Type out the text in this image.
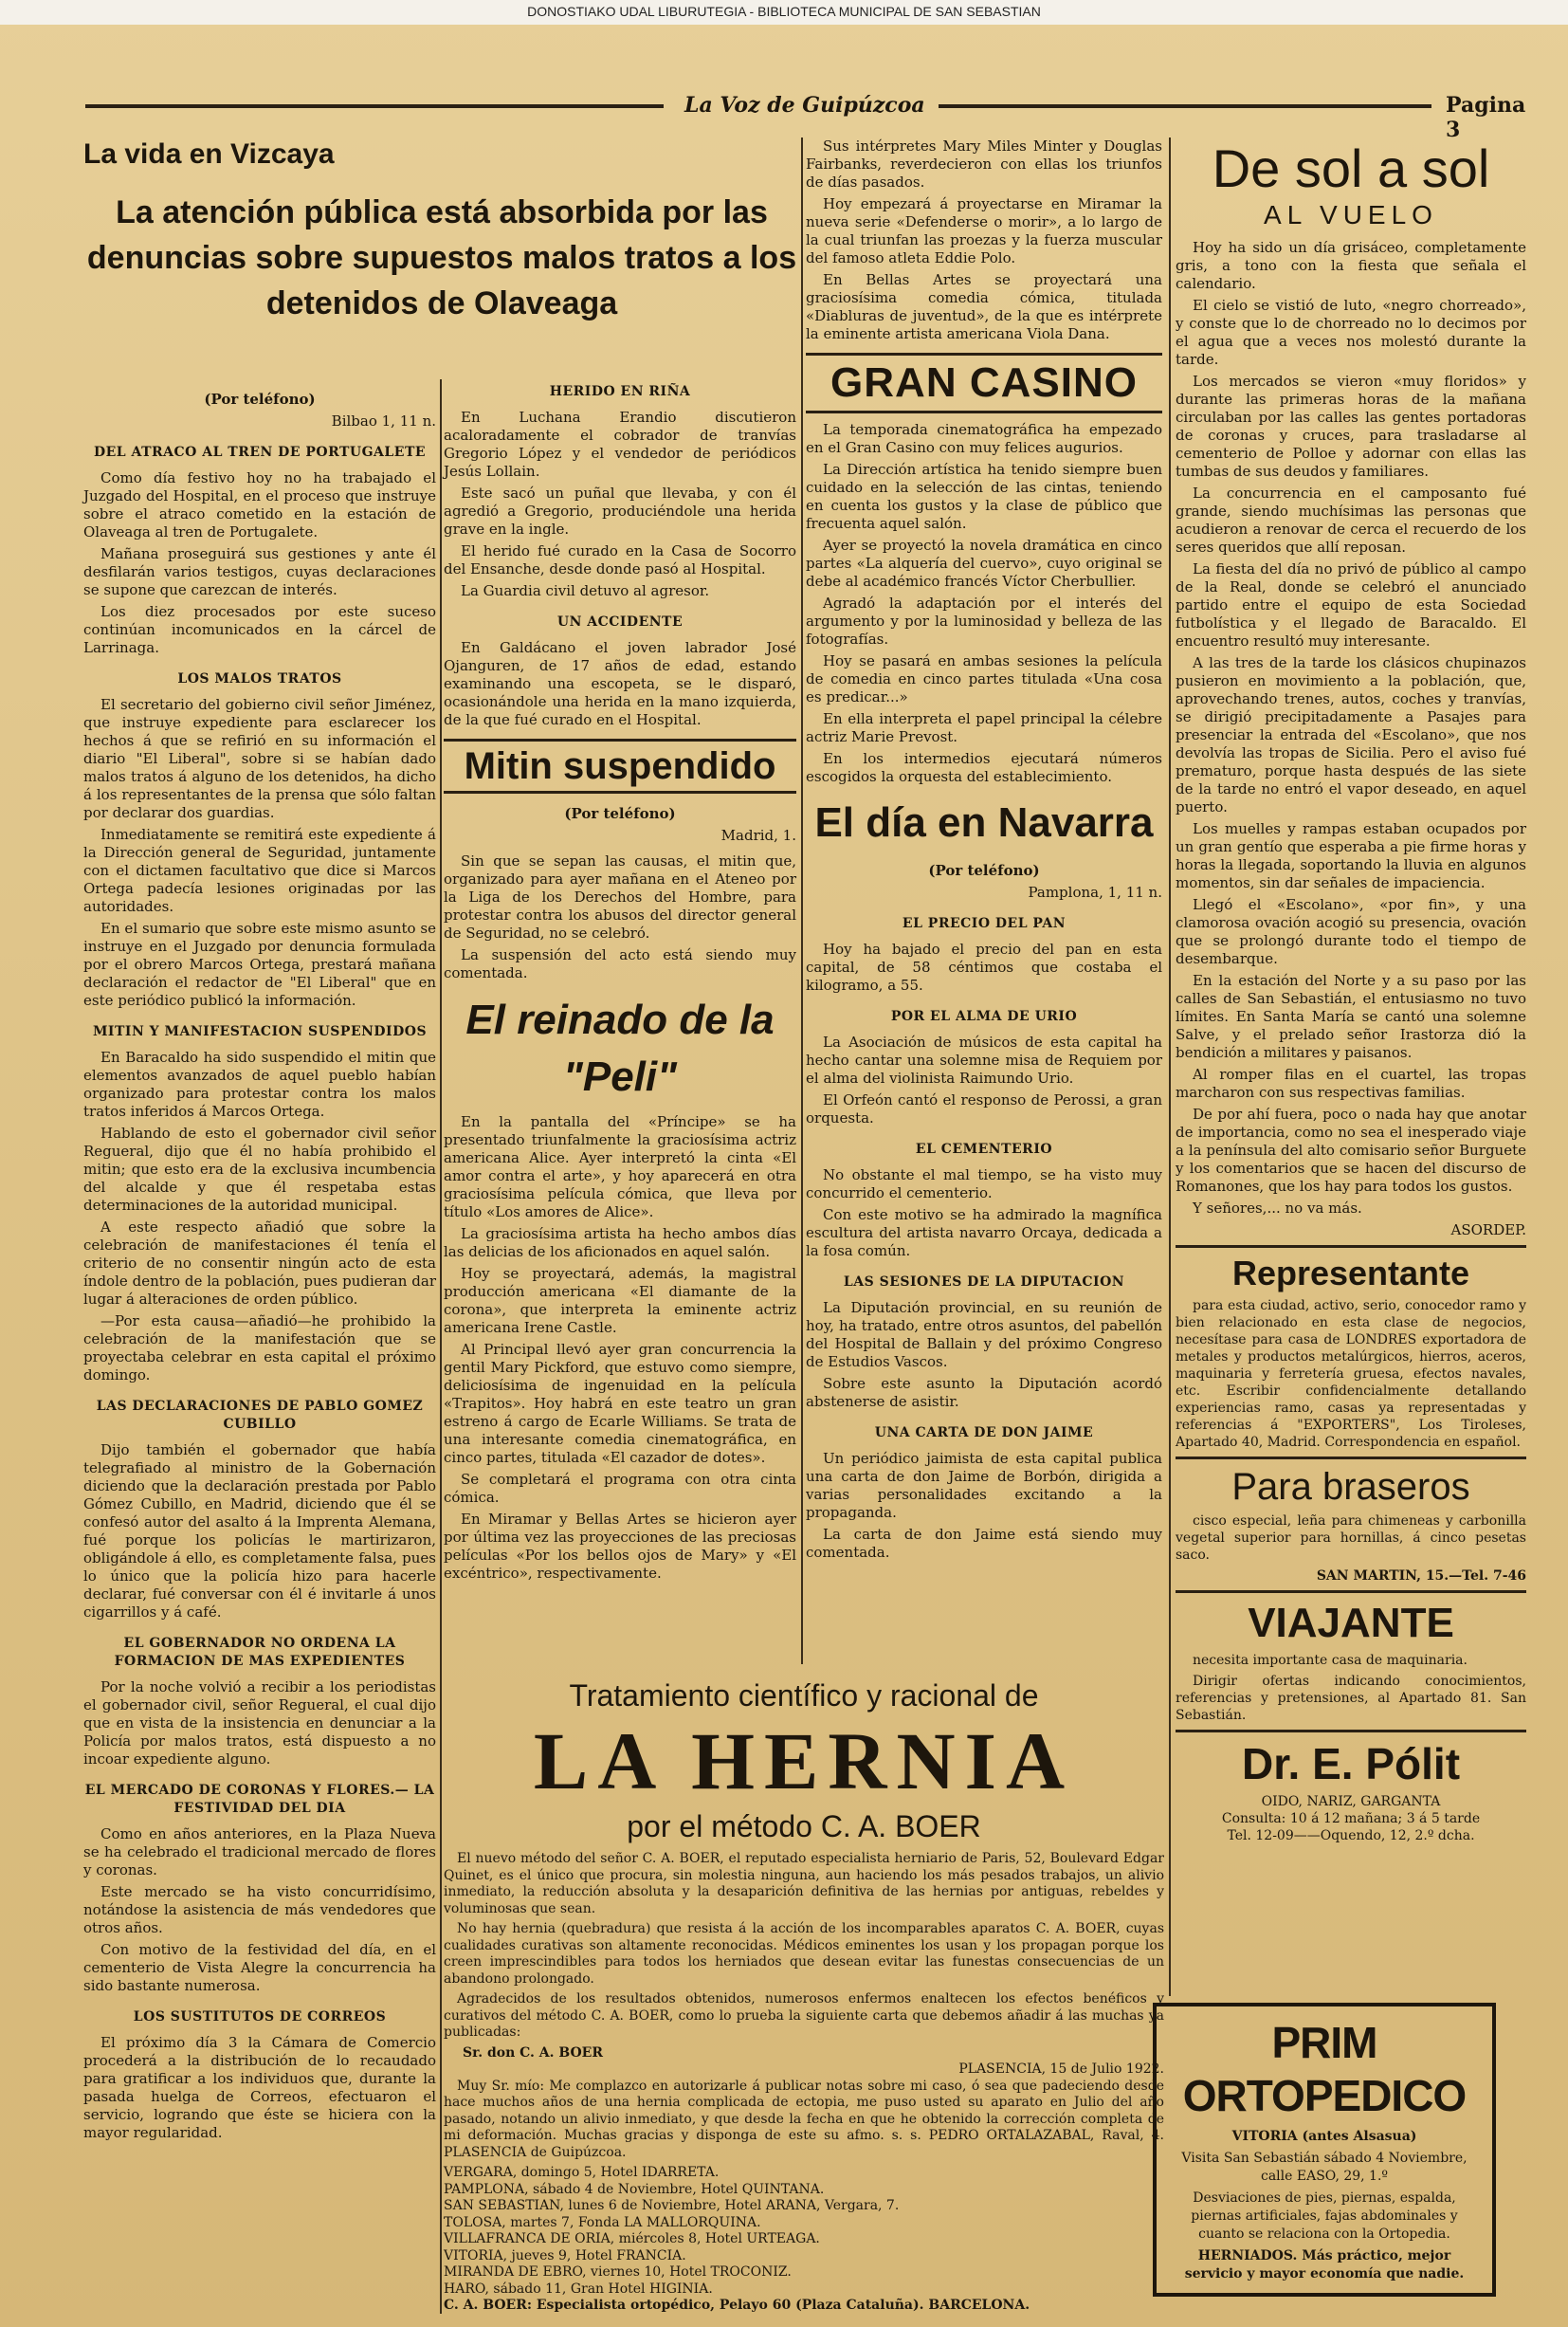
DONOSTIAKO UDAL LIBURUTEGIA - BIBLIOTECA MUNICIPAL DE SAN SEBASTIAN
La Voz de Guipúzcoa	Pagina 3
La vida en Vizcaya
La atención pública está absorbida por las denuncias sobre supuestos malos tratos a los detenidos de Olaveaga
(Por teléfono)
Bilbao 1, 11 n.
DEL ATRACO AL TREN DE PORTUGALETE

Como día festivo hoy no ha trabajado el Juzgado del Hospital, en el proceso que instruye sobre el atraco cometido en la estación de Olaveaga al tren de Portugalete.

Mañana proseguirá sus gestiones y ante él desfilarán varios testigos, cuyas declaraciones se supone que carezcan de interés.

Los diez procesados por este suceso continúan incomunicados en la cárcel de Larrinaga.

LOS MALOS TRATOS

El secretario del gobierno civil señor Jiménez, que instruye expediente para esclarecer los hechos á que se refirió en su información el diario "El Liberal", sobre si se habían dado malos tratos á alguno de los detenidos, ha dicho á los representantes de la prensa que sólo faltan por declarar dos guardias.

Inmediatamente se remitirá este expediente á la Dirección general de Seguridad, juntamente con el dictamen facultativo que dice si Marcos Ortega padecía lesiones originadas por las autoridades.

En el sumario que sobre este mismo asunto se instruye en el Juzgado por denuncia formulada por el obrero Marcos Ortega, prestará mañana declaración el redactor de "El Liberal" que en este periódico publicó la información.

MITIN Y MANIFESTACION SUSPENDIDOS

En Baracaldo ha sido suspendido el mitin que elementos avanzados de aquel pueblo habían organizado para protestar contra los malos tratos inferidos á Marcos Ortega.

Hablando de esto el gobernador civil señor Regueral, dijo que él no había prohibido el mitin; que esto era de la exclusiva incumbencia del alcalde y que él respetaba estas determinaciones de la autoridad municipal.

A este respecto añadió que sobre la celebración de manifestaciones él tenía el criterio de no consentir ningún acto de esta índole dentro de la población, pues pudieran dar lugar á alteraciones de orden público.

—Por esta causa—añadió—he prohibido la celebración de la manifestación que se proyectaba celebrar en esta capital el próximo domingo.

LAS DECLARACIONES DE PABLO GOMEZ CUBILLO

Dijo también el gobernador que había telegrafiado al ministro de la Gobernación diciendo que la declaración prestada por Pablo Gómez Cubillo, en Madrid, diciendo que él se confesó autor del asalto á la Imprenta Alemana, fué porque los policías le martirizaron, obligándole á ello, es completamente falsa, pues lo único que la policía hizo para hacerle declarar, fué conversar con él é invitarle á unos cigarrillos y á café.

EL GOBERNADOR NO ORDENA LA FORMACION DE MAS EXPEDIENTES

Por la noche volvió a recibir a los periodistas el gobernador civil, señor Regueral, el cual dijo que en vista de la insistencia en denunciar a la Policía por malos tratos, está dispuesto a no incoar expediente alguno.

EL MERCADO DE CORONAS Y FLORES.— LA FESTIVIDAD DEL DIA

Como en años anteriores, en la Plaza Nueva se ha celebrado el tradicional mercado de flores y coronas.

Este mercado se ha visto concurridísimo, notándose la asistencia de más vendedores que otros años.

Con motivo de la festividad del día, en el cementerio de Vista Alegre la concurrencia ha sido bastante numerosa.

LOS SUSTITUTOS DE CORREOS

El próximo día 3 la Cámara de Comercio procederá a la distribución de lo recaudado para gratificar a los individuos que, durante la pasada huelga de Correos, efectuaron el servicio, logrando que éste se hiciera con la mayor regularidad.

HERIDO EN RIÑA

En Luchana Erandio discutieron acaloradamente el cobrador de tranvías Gregorio López y el vendedor de periódicos Jesús Lollain.

Este sacó un puñal que llevaba, y con él agredió a Gregorio, produciéndole una herida grave en la ingle.

El herido fué curado en la Casa de Socorro del Ensanche, desde donde pasó al Hospital.

La Guardia civil detuvo al agresor.

UN ACCIDENTE

En Galdácano el joven labrador José Ojanguren, de 17 años de edad, estando examinando una escopeta, se le disparó, ocasionándole una herida en la mano izquierda, de la que fué curado en el Hospital.

Mitin suspendido
(Por teléfono)
Madrid, 1.

Sin que se sepan las causas, el mitin que, organizado para ayer mañana en el Ateneo por la Liga de los Derechos del Hombre, para protestar contra los abusos del director general de Seguridad, no se celebró.

La suspensión del acto está siendo muy comentada.

El reinado de la "Peli"

En la pantalla del «Príncipe» se ha presentado triunfalmente la graciosísima actriz americana Alice. Ayer interpretó la cinta «El amor contra el arte», y hoy aparecerá en otra graciosísima película cómica, que lleva por título «Los amores de Alice».

La graciosísima artista ha hecho ambos días las delicias de los aficionados en aquel salón.

Hoy se proyectará, además, la magistral producción americana «El diamante de la corona», que interpreta la eminente actriz americana Irene Castle.

Al Principal llevó ayer gran concurrencia la gentil Mary Pickford, que estuvo como siempre, deliciosísima de ingenuidad en la película «Trapitos». Hoy habrá en este teatro un gran estreno á cargo de Ecarle Williams. Se trata de una interesante comedia cinematográfica, en cinco partes, titulada «El cazador de dotes».

Se completará el programa con otra cinta cómica.

En Miramar y Bellas Artes se hicieron ayer por última vez las proyecciones de las preciosas películas «Por los bellos ojos de Mary» y «El excéntrico», respectivamente.

Sus intérpretes Mary Miles Minter y Douglas Fairbanks, reverdecieron con ellas los triunfos de días pasados.

Hoy empezará á proyectarse en Miramar la nueva serie «Defenderse o morir», a lo largo de la cual triunfan las proezas y la fuerza muscular del famoso atleta Eddie Polo.

En Bellas Artes se proyectará una graciosísima comedia cómica, titulada «Diabluras de juventud», de la que es intérprete la eminente artista americana Viola Dana.

GRAN CASINO

La temporada cinematográfica ha empezado en el Gran Casino con muy felices augurios.

La Dirección artística ha tenido siempre buen cuidado en la selección de las cintas, teniendo en cuenta los gustos y la clase de público que frecuenta aquel salón.

Ayer se proyectó la novela dramática en cinco partes «La alquería del cuervo», cuyo original se debe al académico francés Víctor Cherbullier.

Agradó la adaptación por el interés del argumento y por la luminosidad y belleza de las fotografías.

Hoy se pasará en ambas sesiones la película de comedia en cinco partes titulada «Una cosa es predicar...»

En ella interpreta el papel principal la célebre actriz Marie Prevost.

En los intermedios ejecutará números escogidos la orquesta del establecimiento.

El día en Navarra
(Por teléfono)
Pamplona, 1, 11 n.
EL PRECIO DEL PAN

Hoy ha bajado el precio del pan en esta capital, de 58 céntimos que costaba el kilogramo, a 55.

POR EL ALMA DE URIO

La Asociación de músicos de esta capital ha hecho cantar una solemne misa de Requiem por el alma del violinista Raimundo Urio.

El Orfeón cantó el responso de Perossi, a gran orquesta.

EL CEMENTERIO

No obstante el mal tiempo, se ha visto muy concurrido el cementerio.

Con este motivo se ha admirado la magnífica escultura del artista navarro Orcaya, dedicada a la fosa común.

LAS SESIONES DE LA DIPUTACION

La Diputación provincial, en su reunión de hoy, ha tratado, entre otros asuntos, del pabellón del Hospital de Ballain y del próximo Congreso de Estudios Vascos.

Sobre este asunto la Diputación acordó abstenerse de asistir.

UNA CARTA DE DON JAIME

Un periódico jaimista de esta capital publica una carta de don Jaime de Borbón, dirigida a varias personalidades excitando a la propaganda.

La carta de don Jaime está siendo muy comentada.

De sol a sol
AL VUELO

Hoy ha sido un día grisáceo, completamente gris, a tono con la fiesta que señala el calendario.

El cielo se vistió de luto, «negro chorreado», y conste que lo de chorreado no lo decimos por el agua que a veces nos molestó durante la tarde.

Los mercados se vieron «muy floridos» y durante las primeras horas de la mañana circulaban por las calles las gentes portadoras de coronas y cruces, para trasladarse al cementerio de Polloe y adornar con ellas las tumbas de sus deudos y familiares.

La concurrencia en el camposanto fué grande, siendo muchísimas las personas que acudieron a renovar de cerca el recuerdo de los seres queridos que allí reposan.

La fiesta del día no privó de público al campo de la Real, donde se celebró el anunciado partido entre el equipo de esta Sociedad futbolística y el llegado de Baracaldo. El encuentro resultó muy interesante.

A las tres de la tarde los clásicos chupinazos pusieron en movimiento a la población, que, aprovechando trenes, autos, coches y tranvías, se dirigió precipitadamente a Pasajes para presenciar la entrada del «Escolano», que nos devolvía las tropas de Sicilia. Pero el aviso fué prematuro, porque hasta después de las siete de la tarde no entró el vapor deseado, en aquel puerto.

Los muelles y rampas estaban ocupados por un gran gentío que esperaba a pie firme horas y horas la llegada, soportando la lluvia en algunos momentos, sin dar señales de impaciencia.

Llegó el «Escolano», «por fin», y una clamorosa ovación acogió su presencia, ovación que se prolongó durante todo el tiempo de desembarque.

En la estación del Norte y a su paso por las calles de San Sebastián, el entusiasmo no tuvo límites. En Santa María se cantó una solemne Salve, y el prelado señor Irastorza dió la bendición a militares y paisanos.

Al romper filas en el cuartel, las tropas marcharon con sus respectivas familias.

De por ahí fuera, poco o nada hay que anotar de importancia, como no sea el inesperado viaje a la península del alto comisario señor Burguete y los comentarios que se hacen del discurso de Romanones, que los hay para todos los gustos.

Y señores,... no va más.

ASORDEP.
Representante

para esta ciudad, activo, serio, conocedor ramo y bien relacionado en esta clase de negocios, necesítase para casa de LONDRES exportadora de metales y productos metalúrgicos, hierros, aceros, maquinaria y ferretería gruesa, efectos navales, etc. Escribir confidencialmente detallando experiencias ramo, casas ya representadas y referencias á "EXPORTERS", Los Tiroleses, Apartado 40, Madrid. Correspondencia en español.

Para braseros

cisco especial, leña para chimeneas y carbonilla vegetal superior para hornillas, á cinco pesetas saco.

SAN MARTIN, 15.—Tel. 7-46
VIAJANTE

necesita importante casa de maquinaria.

Dirigir ofertas indicando conocimientos, referencias y pretensiones, al Apartado 81. San Sebastián.

Dr. E. Pólit
OIDO, NARIZ, GARGANTA
Consulta: 10 á 12 mañana; 3 á 5 tarde
Tel. 12-09——Oquendo, 12, 2.º dcha.
Tratamiento científico y racional de
LA HERNIA
por el método C. A. BOER

El nuevo método del señor C. A. BOER, el reputado especialista herniario de Paris, 52, Boulevard Edgar Quinet, es el único que procura, sin molestia ninguna, aun haciendo los más pesados trabajos, un alivio inmediato, la reducción absoluta y la desaparición definitiva de las hernias por antiguas, rebeldes y voluminosas que sean.

No hay hernia (quebradura) que resista á la acción de los incomparables aparatos C. A. BOER, cuyas cualidades curativas son altamente reconocidas. Médicos eminentes los usan y los propagan porque los creen imprescindibles para todos los herniados que desean evitar las funestas consecuencias de un abandono prolongado.

Agradecidos de los resultados obtenidos, numerosos enfermos enaltecen los efectos benéficos y curativos del método C. A. BOER, como lo prueba la siguiente carta que debemos añadir á las muchas ya publicadas:

Sr. don C. A. BOER
PLASENCIA, 15 de Julio 1922.

Muy Sr. mío: Me complazco en autorizarle á publicar notas sobre mi caso, ó sea que padeciendo desde hace muchos años de una hernia complicada de ectopia, me puso usted su aparato en Julio del año pasado, notando un alivio inmediato, y que desde la fecha en que he obtenido la corrección completa de mi deformación. Muchas gracias y disponga de este su afmo. s. s. PEDRO ORTALAZABAL, Raval, 4. PLASENCIA de Guipúzcoa.

VERGARA, domingo 5, Hotel IDARRETA.
PAMPLONA, sábado 4 de Noviembre, Hotel QUINTANA.
SAN SEBASTIAN, lunes 6 de Noviembre, Hotel ARANA, Vergara, 7.
TOLOSA, martes 7, Fonda LA MALLORQUINA.
VILLAFRANCA DE ORIA, miércoles 8, Hotel URTEAGA.
VITORIA, jueves 9, Hotel FRANCIA.
MIRANDA DE EBRO, viernes 10, Hotel TROCONIZ.
HARO, sábado 11, Gran Hotel HIGINIA.
C. A. BOER: Especialista ortopédico, Pelayo 60 (Plaza Cataluña). BARCELONA.
PRIM ORTOPEDICO

VITORIA (antes Alsasua)

Visita San Sebastián sábado 4 Noviembre, calle EASO, 29, 1.º

Desviaciones de pies, piernas, espalda, piernas artificiales, fajas abdominales y cuanto se relaciona con la Ortopedia.

HERNIADOS. Más práctico, mejor servicio y mayor economía que nadie.
